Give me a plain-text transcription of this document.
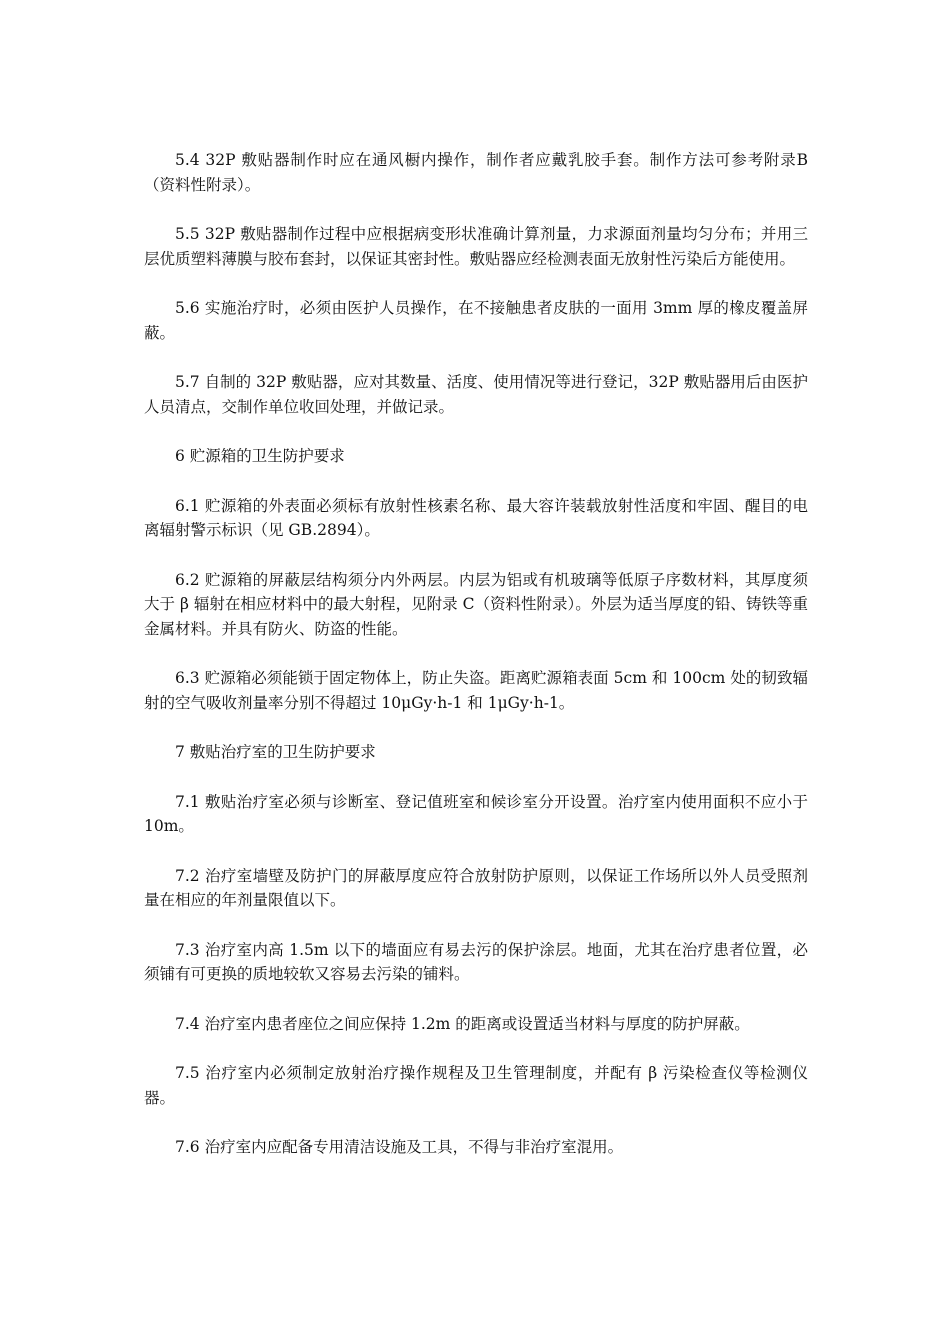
5.4 32P 敷贴器制作时应在通风橱内操作，制作者应戴乳胶手套。制作方法可参考附录B（资料性附录）。

5.5 32P 敷贴器制作过程中应根据病变形状准确计算剂量，力求源面剂量均匀分布；并用三层优质塑料薄膜与胶布套封，以保证其密封性。敷贴器应经检测表面无放射性污染后方能使用。

5.6 实施治疗时，必须由医护人员操作，在不接触患者皮肤的一面用 3mm 厚的橡皮覆盖屏蔽。

5.7 自制的 32P 敷贴器，应对其数量、活度、使用情况等进行登记，32P 敷贴器用后由医护人员清点，交制作单位收回处理，并做记录。

6 贮源箱的卫生防护要求

6.1 贮源箱的外表面必须标有放射性核素名称、最大容许装载放射性活度和牢固、醒目的电离辐射警示标识（见 GB.2894）。

6.2 贮源箱的屏蔽层结构须分内外两层。内层为铝或有机玻璃等低原子序数材料，其厚度须大于 β 辐射在相应材料中的最大射程，见附录 C（资料性附录）。外层为适当厚度的铅、铸铁等重金属材料。并具有防火、防盗的性能。

6.3 贮源箱必须能锁于固定物体上，防止失盗。距离贮源箱表面 5cm 和 100cm 处的韧致辐射的空气吸收剂量率分别不得超过 10μGy·h-1 和 1μGy·h-1。

7 敷贴治疗室的卫生防护要求

7.1 敷贴治疗室必须与诊断室、登记值班室和候诊室分开设置。治疗室内使用面积不应小于 10m。

7.2 治疗室墙壁及防护门的屏蔽厚度应符合放射防护原则，以保证工作场所以外人员受照剂量在相应的年剂量限值以下。

7.3 治疗室内高 1.5m 以下的墙面应有易去污的保护涂层。地面，尤其在治疗患者位置，必须铺有可更换的质地较软又容易去污染的铺料。

7.4 治疗室内患者座位之间应保持 1.2m 的距离或设置适当材料与厚度的防护屏蔽。

7.5 治疗室内必须制定放射治疗操作规程及卫生管理制度，并配有 β 污染检查仪等检测仪器。

7.6 治疗室内应配备专用清洁设施及工具，不得与非治疗室混用。
